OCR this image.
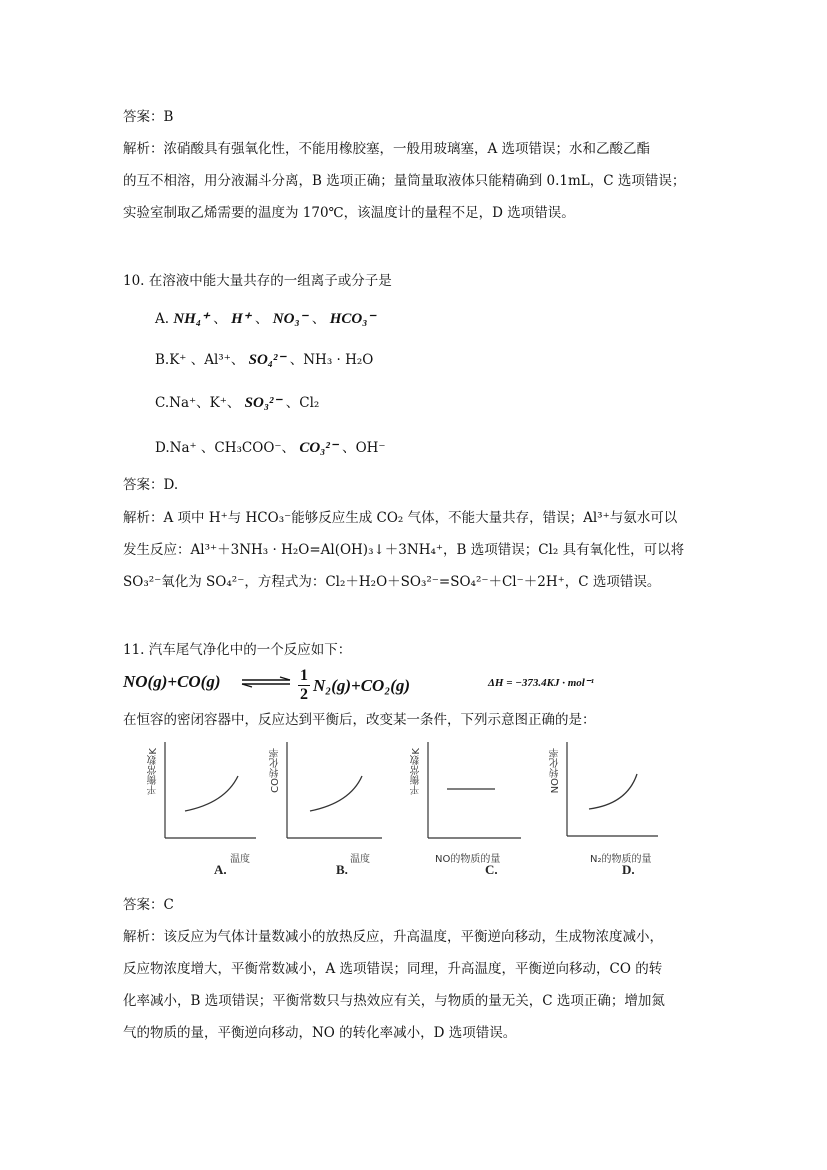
答案：B
解析：浓硝酸具有强氧化性，不能用橡胶塞，一般用玻璃塞，A 选项错误；水和乙酸乙酯
的互不相溶，用分液漏斗分离，B 选项正确；量筒量取液体只能精确到 0.1mL，C 选项错误；
实验室制取乙烯需要的温度为 170℃，该温度计的量程不足，D 选项错误。
10. 在溶液中能大量共存的一组离子或分子是
A. NH₄⁺ 、 H⁺ 、 NO₃⁻ 、 HCO₃⁻
B.K⁺ 、Al³⁺、 SO₄²⁻ 、NH₃ · H₂O
C.Na⁺、K⁺、 SO₃²⁻ 、Cl₂
D.Na⁺ 、CH₃COO⁻、 CO₃²⁻ 、OH⁻
答案：D.
解析：A 项中 H⁺与 HCO₃⁻能够反应生成 CO₂ 气体，不能大量共存，错误；Al³⁺与氨水可以
发生反应：Al³⁺＋3NH₃ · H₂O=Al(OH)₃↓＋3NH₄⁺，B 选项错误；Cl₂ 具有氧化性，可以将
SO₃²⁻氧化为 SO₄²⁻，方程式为：Cl₂＋H₂O＋SO₃²⁻=SO₄²⁻＋Cl⁻＋2H⁺，C 选项错误。
11. 汽车尾气净化中的一个反应如下：
NO(g)+CO(g) ⇌ 1
2 N₂(g)+CO₂(g)	ΔH = −373.4KJ · mol⁻¹
在恒容的密闭容器中，反应达到平衡后，改变某一条件，下列示意图正确的是：
平衡常数K
温度
A.
CO转化率
温度
B.
平衡常数K
NO的物质的量
C.
NO转化率
N₂的物质的量
D.
答案：C
解析：该反应为气体计量数减小的放热反应，升高温度，平衡逆向移动，生成物浓度减小，
反应物浓度增大，平衡常数减小，A 选项错误；同理，升高温度，平衡逆向移动，CO 的转
化率减小，B 选项错误；平衡常数只与热效应有关，与物质的量无关，C 选项正确；增加氮
气的物质的量，平衡逆向移动，NO 的转化率减小，D 选项错误。
